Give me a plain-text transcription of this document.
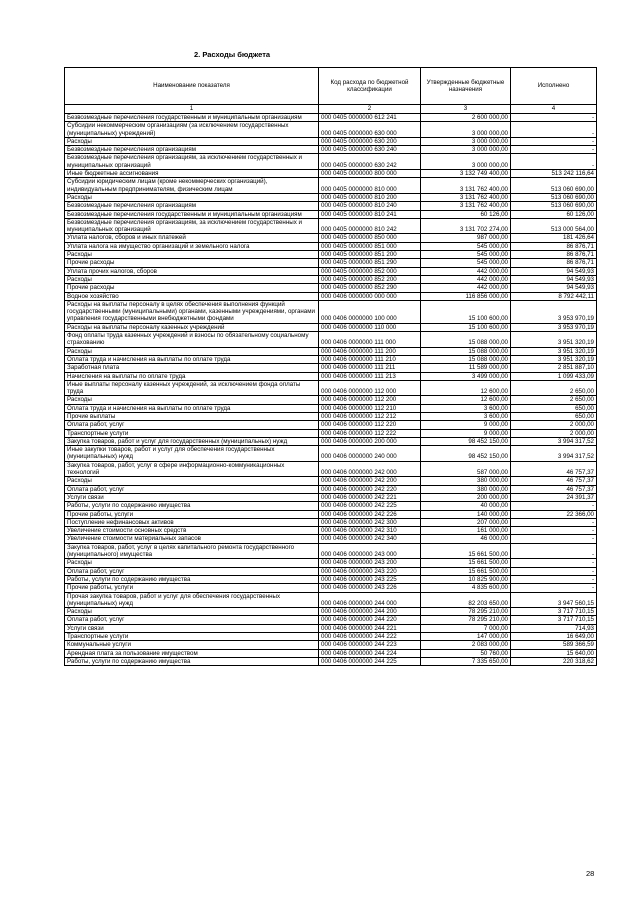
2. Расходы бюджета
Наименование показателя	Код расхода по бюджетной классификации	Утвержденные бюджетные назначения	Исполнено
1	2	3	4
Безвозмездные перечисления государственным и муниципальным организациям	000 0405 0000000 612 241	2 600 000,00	-
Субсидии некоммерческим организациям (за исключением государственных (муниципальных) учреждений)	000 0405 0000000 630 000	3 000 000,00	-
Расходы	000 0405 0000000 630 200	3 000 000,00	-
Безвозмездные перечисления организациям	000 0405 0000000 630 240	3 000 000,00	-
Безвозмездные перечисления организациям, за исключением государственных и муниципальных организаций	000 0405 0000000 630 242	3 000 000,00	-
Иные бюджетные ассигнования	000 0405 0000000 800 000	3 132 749 400,00	513 242 116,64
Субсидии юридическим лицам (кроме некоммерческих организаций), индивидуальным предпринимателям, физическим лицам	000 0405 0000000 810 000	3 131 762 400,00	513 060 690,00
Расходы	000 0405 0000000 810 200	3 131 762 400,00	513 060 690,00
Безвозмездные перечисления организациям	000 0405 0000000 810 240	3 131 762 400,00	513 060 690,00
Безвозмездные перечисления государственным и муниципальным организациям	000 0405 0000000 810 241	60 126,00	60 126,00
Безвозмездные перечисления организациям, за исключением государственных и муниципальных организаций	000 0405 0000000 810 242	3 131 702 274,00	513 000 564,00
Уплата налогов, сборов и иных платежей	000 0405 0000000 850 000	987 000,00	181 426,64
Уплата налога на имущество организаций и земельного налога	000 0405 0000000 851 000	545 000,00	86 876,71
Расходы	000 0405 0000000 851 200	545 000,00	86 876,71
Прочие расходы	000 0405 0000000 851 290	545 000,00	86 876,71
Уплата прочих налогов, сборов	000 0405 0000000 852 000	442 000,00	94 549,93
Расходы	000 0405 0000000 852 200	442 000,00	94 549,93
Прочие расходы	000 0405 0000000 852 290	442 000,00	94 549,93
Водное хозяйство	000 0406 0000000 000 000	116 856 000,00	8 792 442,11
Расходы на выплаты персоналу в целях обеспечения выполнения функций государственными (муниципальными) органами, казенными учреждениями, органами управления государственными внебюджетными фондами	000 0406 0000000 100 000	15 100 600,00	3 953 970,19
Расходы на выплаты персоналу казенных учреждений	000 0406 0000000 110 000	15 100 600,00	3 953 970,19
Фонд оплаты труда казенных учреждений и взносы по обязательному социальному страхованию	000 0406 0000000 111 000	15 088 000,00	3 951 320,19
Расходы	000 0406 0000000 111 200	15 088 000,00	3 951 320,19
Оплата труда и начисления на выплаты по оплате труда	000 0406 0000000 111 210	15 088 000,00	3 951 320,19
Заработная плата	000 0406 0000000 111 211	11 589 000,00	2 851 887,10
Начисления на выплаты по оплате труда	000 0406 0000000 111 213	3 499 000,00	1 099 433,09
Иные выплаты персоналу казенных учреждений, за исключением фонда оплаты труда	000 0406 0000000 112 000	12 600,00	2 650,00
Расходы	000 0406 0000000 112 200	12 600,00	2 650,00
Оплата труда и начисления на выплаты по оплате труда	000 0406 0000000 112 210	3 600,00	650,00
Прочие выплаты	000 0406 0000000 112 212	3 600,00	650,00
Оплата работ, услуг	000 0406 0000000 112 220	9 000,00	2 000,00
Транспортные услуги	000 0406 0000000 112 222	9 000,00	2 000,00
Закупка товаров, работ и услуг для государственных (муниципальных) нужд	000 0406 0000000 200 000	98 452 150,00	3 994 317,52
Иные закупки товаров, работ и услуг для обеспечения государственных (муниципальных) нужд	000 0406 0000000 240 000	98 452 150,00	3 994 317,52
Закупка товаров, работ, услуг в сфере информационно-коммуникационных технологий	000 0406 0000000 242 000	587 000,00	46 757,37
Расходы	000 0406 0000000 242 200	380 000,00	46 757,37
Оплата работ, услуг	000 0406 0000000 242 220	380 000,00	46 757,37
Услуги связи	000 0406 0000000 242 221	200 000,00	24 391,37
Работы, услуги по содержанию имущества	000 0406 0000000 242 225	40 000,00	-
Прочие работы, услуги	000 0406 0000000 242 226	140 000,00	22 366,00
Поступление нефинансовых активов	000 0406 0000000 242 300	207 000,00	-
Увеличение стоимости основных средств	000 0406 0000000 242 310	161 000,00	-
Увеличение стоимости материальных запасов	000 0406 0000000 242 340	46 000,00	-
Закупка товаров, работ, услуг в целях капитального ремонта государственного (муниципального) имущества	000 0406 0000000 243 000	15 661 500,00	-
Расходы	000 0406 0000000 243 200	15 661 500,00	-
Оплата работ, услуг	000 0406 0000000 243 220	15 661 500,00	-
Работы, услуги по содержанию имущества	000 0406 0000000 243 225	10 825 900,00	-
Прочие работы, услуги	000 0406 0000000 243 226	4 835 600,00	-
Прочая закупка товаров, работ и услуг для обеспечения государственных (муниципальных) нужд	000 0406 0000000 244 000	82 203 650,00	3 947 560,15
Расходы	000 0406 0000000 244 200	78 295 210,00	3 717 710,15
Оплата работ, услуг	000 0406 0000000 244 220	78 295 210,00	3 717 710,15
Услуги связи	000 0406 0000000 244 221	7 000,00	714,93
Транспортные услуги	000 0406 0000000 244 222	147 000,00	16 649,00
Коммунальные услуги	000 0406 0000000 244 223	2 083 000,00	589 366,59
Арендная плата за пользование имуществом	000 0406 0000000 244 224	50 760,00	15 640,00
Работы, услуги по содержанию имущества	000 0406 0000000 244 225	7 335 650,00	220 318,62
28
